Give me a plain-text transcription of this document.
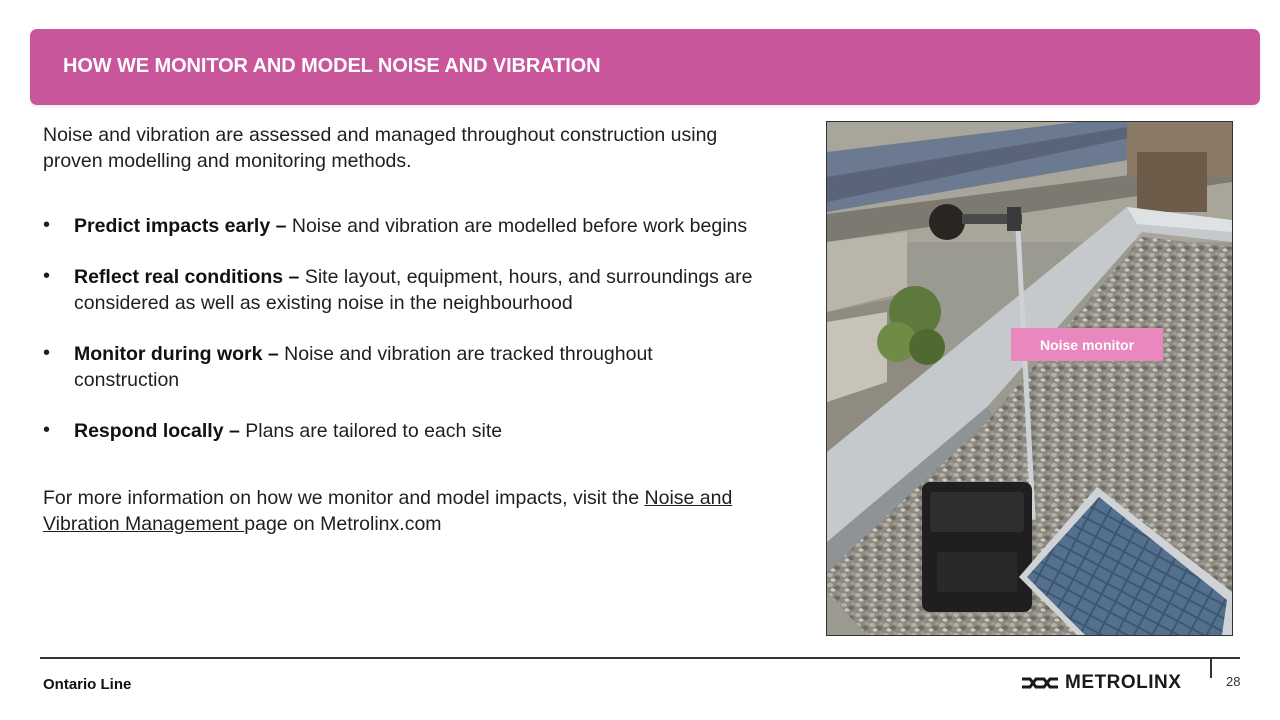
HOW WE MONITOR AND MODEL NOISE AND VIBRATION

Noise and vibration are assessed and managed throughout construction using proven modelling and monitoring methods.

• Predict impacts early – Noise and vibration are modelled before work begins
• Reflect real conditions – Site layout, equipment, hours, and surroundings are considered as well as existing noise in the neighbourhood
• Monitor during work – Noise and vibration are tracked throughout construction
• Respond locally – Plans are tailored to each site

For more information on how we monitor and model impacts, visit the Noise and Vibration Management page on Metrolinx.com

Noise monitor
Ontario Line	METROLINX	28
